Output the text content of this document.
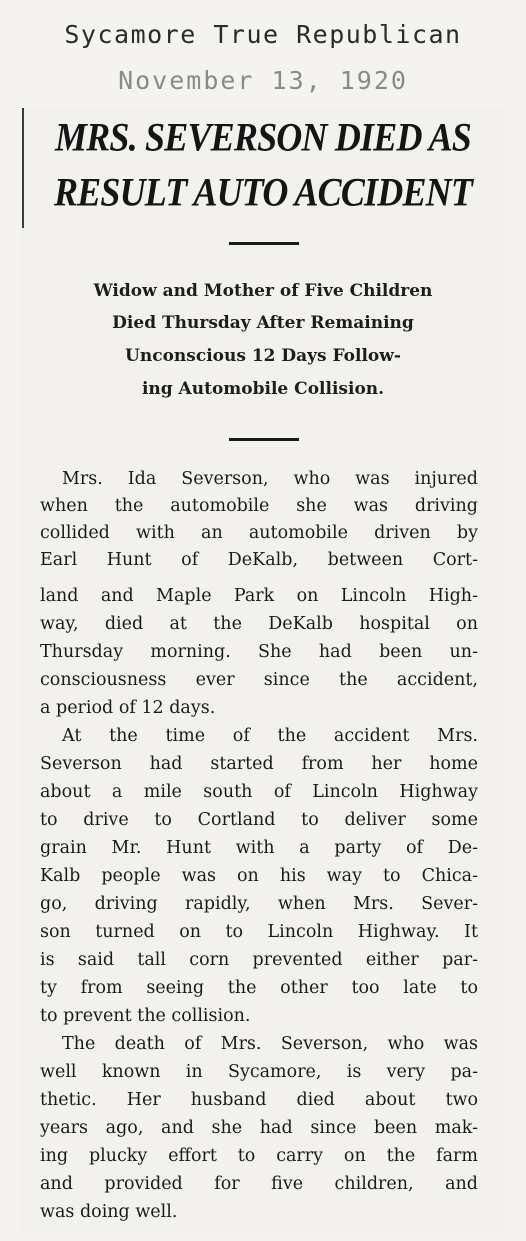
Sycamore True Republican
November 13, 1920
MRS. SEVERSON DIED AS
RESULT AUTO ACCIDENT
Widow and Mother of Five Children
Died Thursday After Remaining
Unconscious 12 Days Follow-
ing Automobile Collision.
Mrs. Ida Severson, who was injured
when the automobile she was driving
collided with an automobile driven by
Earl Hunt of DeKalb, between Cort-
land and Maple Park on Lincoln High-
way, died at the DeKalb hospital on
Thursday morning. She had been un-
consciousness ever since the accident,
a period of 12 days.
At the time of the accident Mrs.
Severson had started from her home
about a mile south of Lincoln Highway
to drive to Cortland to deliver some
grain Mr. Hunt with a party of De-
Kalb people was on his way to Chica-
go, driving rapidly, when Mrs. Sever-
son turned on to Lincoln Highway. It
is said tall corn prevented either par-
ty from seeing the other too late to
to prevent the collision.
The death of Mrs. Severson, who was
well known in Sycamore, is very pa-
thetic. Her husband died about two
years ago, and she had since been mak-
ing plucky effort to carry on the farm
and provided for five children, and
was doing well.
